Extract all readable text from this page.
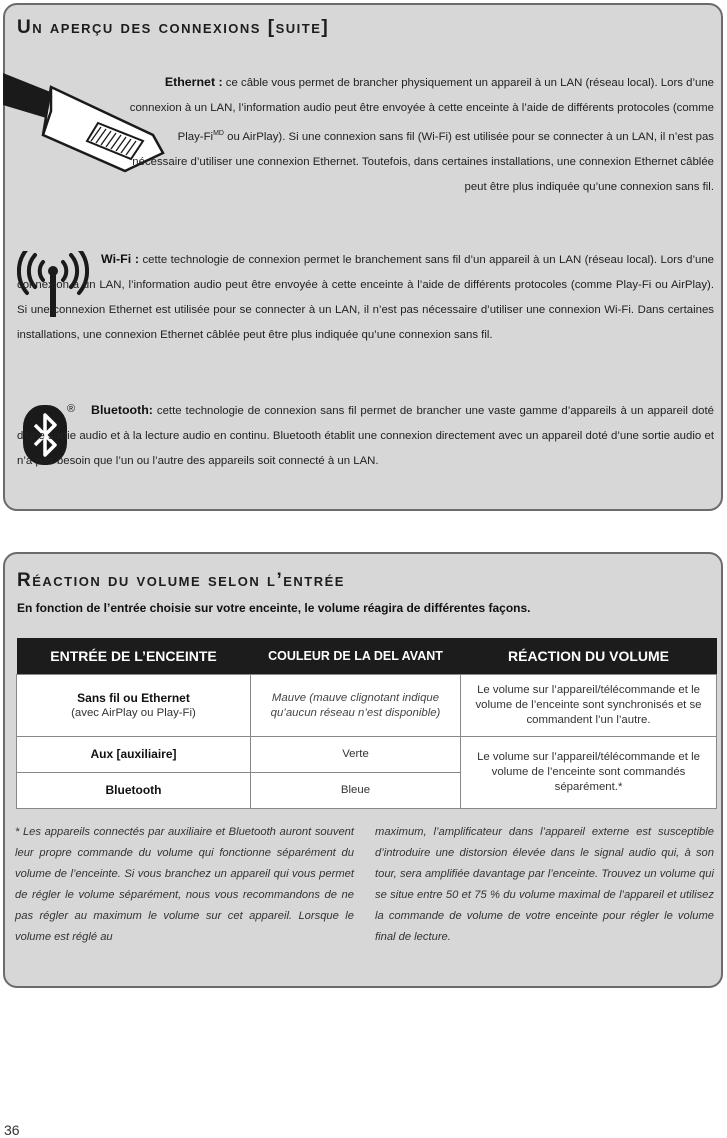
Un aperçu des connexions [suite]

Ethernet : ce câble vous permet de brancher physiquement un appareil à un LAN (réseau local). Lors d’une connexion à un LAN, l’information audio peut être envoyée à cette enceinte à l’aide de différents protocoles (comme Play-$Fi^{MD}$ ou AirPlay). Si une connexion sans fil (Wi-Fi) est utilisée pour se connecter à un LAN, il n’est pas nécessaire d’utiliser une connexion Ethernet. Toutefois, dans certaines installations, une connexion Ethernet câblée peut être plus indiquée qu’une connexion sans fil.

Wi-Fi : cette technologie de connexion permet le branchement sans fil d’un appareil à un LAN (réseau local). Lors d’une connexion à un LAN, l’information audio peut être envoyée à cette enceinte à l’aide de différents protocoles (comme Play-Fi ou AirPlay). Si une connexion Ethernet est utilisée pour se connecter à un LAN, il n’est pas nécessaire d’utiliser une connexion Wi-Fi. Dans certaines installations, une connexion Ethernet câblée peut être plus indiquée qu’une connexion sans fil.

®	Bluetooth: cette technologie de connexion sans fil permet de brancher une vaste gamme d’appareils à un appareil doté d’une sortie audio et à la lecture audio en continu. Bluetooth établit une connexion directement avec un appareil doté d’une sortie audio et n’a pas besoin que l’un ou l’autre des appareils soit connecté à un LAN.

Réaction du volume selon l’entrée
En fonction de l’entrée choisie sur votre enceinte, le volume réagira de différentes façons.
ENTRÉE DE L’ENCEINTE	COULEUR DE LA DEL AVANT	RÉACTION DU VOLUME

Sans fil ou Ethernet
(avec AirPlay ou Play-Fi)	Mauve (mauve clignotant indique qu’aucun réseau n’est disponible)	Le volume sur l’appareil/télécommande et le volume de l’enceinte sont synchronisés et se commandent l’un l’autre.
Aux [auxiliaire]	Verte	Le volume sur l’appareil/télécommande et le volume de l’enceinte sont commandés séparément.*
Bluetooth	Bleue	

* Les appareils connectés par auxiliaire et Bluetooth auront souvent leur propre commande du volume qui fonctionne séparément du volume de l’enceinte. Si vous branchez un appareil qui vous permet de régler le volume séparément, nous vous recommandons de ne pas régler au maximum le volume sur cet appareil. Lorsque le volume est réglé au

maximum, l’amplificateur dans l’appareil externe est susceptible d’introduire une distorsion élevée dans le signal audio qui, à son tour, sera amplifiée davantage par l’enceinte. Trouvez un volume qui se situe entre 50 et 75 % du volume maximal de l’appareil et utilisez la commande de volume de votre enceinte pour régler le volume final de lecture.

36
